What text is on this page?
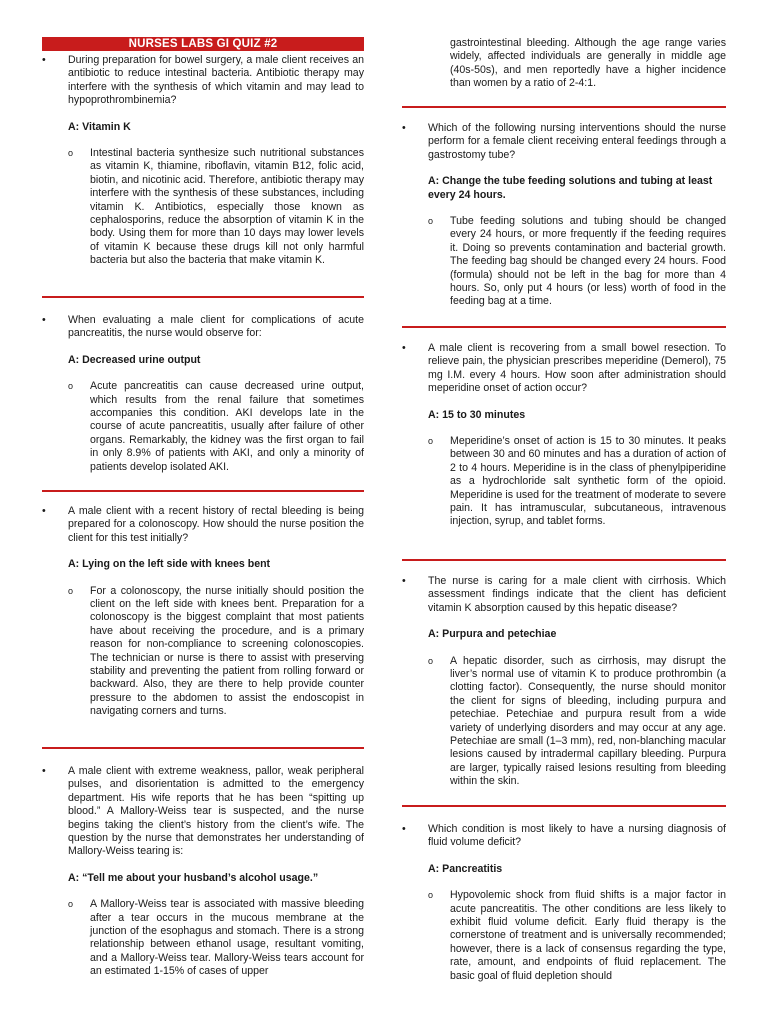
NURSES LABS GI QUIZ #2
• During preparation for bowel surgery, a male client receives an antibiotic to reduce intestinal bacteria. Antibiotic therapy may interfere with the synthesis of which vitamin and may lead to hypoprothrombinemia?
A: Vitamin K
o Intestinal bacteria synthesize such nutritional substances as vitamin K, thiamine, riboflavin, vitamin B12, folic acid, biotin, and nicotinic acid. Therefore, antibiotic therapy may interfere with the synthesis of these substances, including vitamin K. Antibiotics, especially those known as cephalosporins, reduce the absorption of vitamin K in the body. Using them for more than 10 days may lower levels of vitamin K because these drugs kill not only harmful bacteria but also the bacteria that make vitamin K.
• When evaluating a male client for complications of acute pancreatitis, the nurse would observe for:
A: Decreased urine output
o Acute pancreatitis can cause decreased urine output, which results from the renal failure that sometimes accompanies this condition. AKI develops late in the course of acute pancreatitis, usually after failure of other organs. Remarkably, the kidney was the first organ to fail in only 8.9% of patients with AKI, and only a minority of patients develop isolated AKI.
• A male client with a recent history of rectal bleeding is being prepared for a colonoscopy. How should the nurse position the client for this test initially?
A: Lying on the left side with knees bent
o For a colonoscopy, the nurse initially should position the client on the left side with knees bent. Preparation for a colonoscopy is the biggest complaint that most patients have about receiving the procedure, and is a primary reason for non-compliance to screening colonoscopies. The technician or nurse is there to assist with preserving stability and preventing the patient from rolling forward or backward. Also, they are there to help provide counter pressure to the abdomen to assist the endoscopist in navigating corners and turns.
• A male client with extreme weakness, pallor, weak peripheral pulses, and disorientation is admitted to the emergency department. His wife reports that he has been “spitting up blood.” A Mallory-Weiss tear is suspected, and the nurse begins taking the client’s history from the client’s wife. The question by the nurse that demonstrates her understanding of Mallory-Weiss tearing is:
A: “Tell me about your husband’s alcohol usage.”
o A Mallory-Weiss tear is associated with massive bleeding after a tear occurs in the mucous membrane at the junction of the esophagus and stomach. There is a strong relationship between ethanol usage, resultant vomiting, and a Mallory-Weiss tear. Mallory-Weiss tears account for an estimated 1-15% of cases of upper
gastrointestinal bleeding. Although the age range varies widely, affected individuals are generally in middle age (40s-50s), and men reportedly have a higher incidence than women by a ratio of 2-4:1.
• Which of the following nursing interventions should the nurse perform for a female client receiving enteral feedings through a gastrostomy tube?
A: Change the tube feeding solutions and tubing at least every 24 hours.
o Tube feeding solutions and tubing should be changed every 24 hours, or more frequently if the feeding requires it. Doing so prevents contamination and bacterial growth. The feeding bag should be changed every 24 hours. Food (formula) should not be left in the bag for more than 4 hours. So, only put 4 hours (or less) worth of food in the feeding bag at a time.
• A male client is recovering from a small bowel resection. To relieve pain, the physician prescribes meperidine (Demerol), 75 mg I.M. every 4 hours. How soon after administration should meperidine onset of action occur?
A: 15 to 30 minutes
o Meperidine’s onset of action is 15 to 30 minutes. It peaks between 30 and 60 minutes and has a duration of action of 2 to 4 hours. Meperidine is in the class of phenylpiperidine as a hydrochloride salt synthetic form of the opioid. Meperidine is used for the treatment of moderate to severe pain. It has intramuscular, subcutaneous, intravenous injection, syrup, and tablet forms.
• The nurse is caring for a male client with cirrhosis. Which assessment findings indicate that the client has deficient vitamin K absorption caused by this hepatic disease?
A: Purpura and petechiae
o A hepatic disorder, such as cirrhosis, may disrupt the liver’s normal use of vitamin K to produce prothrombin (a clotting factor). Consequently, the nurse should monitor the client for signs of bleeding, including purpura and petechiae. Petechiae and purpura result from a wide variety of underlying disorders and may occur at any age. Petechiae are small (1–3 mm), red, non-blanching macular lesions caused by intradermal capillary bleeding. Purpura are larger, typically raised lesions resulting from bleeding within the skin.
• Which condition is most likely to have a nursing diagnosis of fluid volume deficit?
A: Pancreatitis
o Hypovolemic shock from fluid shifts is a major factor in acute pancreatitis. The other conditions are less likely to exhibit fluid volume deficit. Early fluid therapy is the cornerstone of treatment and is universally recommended; however, there is a lack of consensus regarding the type, rate, amount, and endpoints of fluid replacement. The basic goal of fluid depletion should
